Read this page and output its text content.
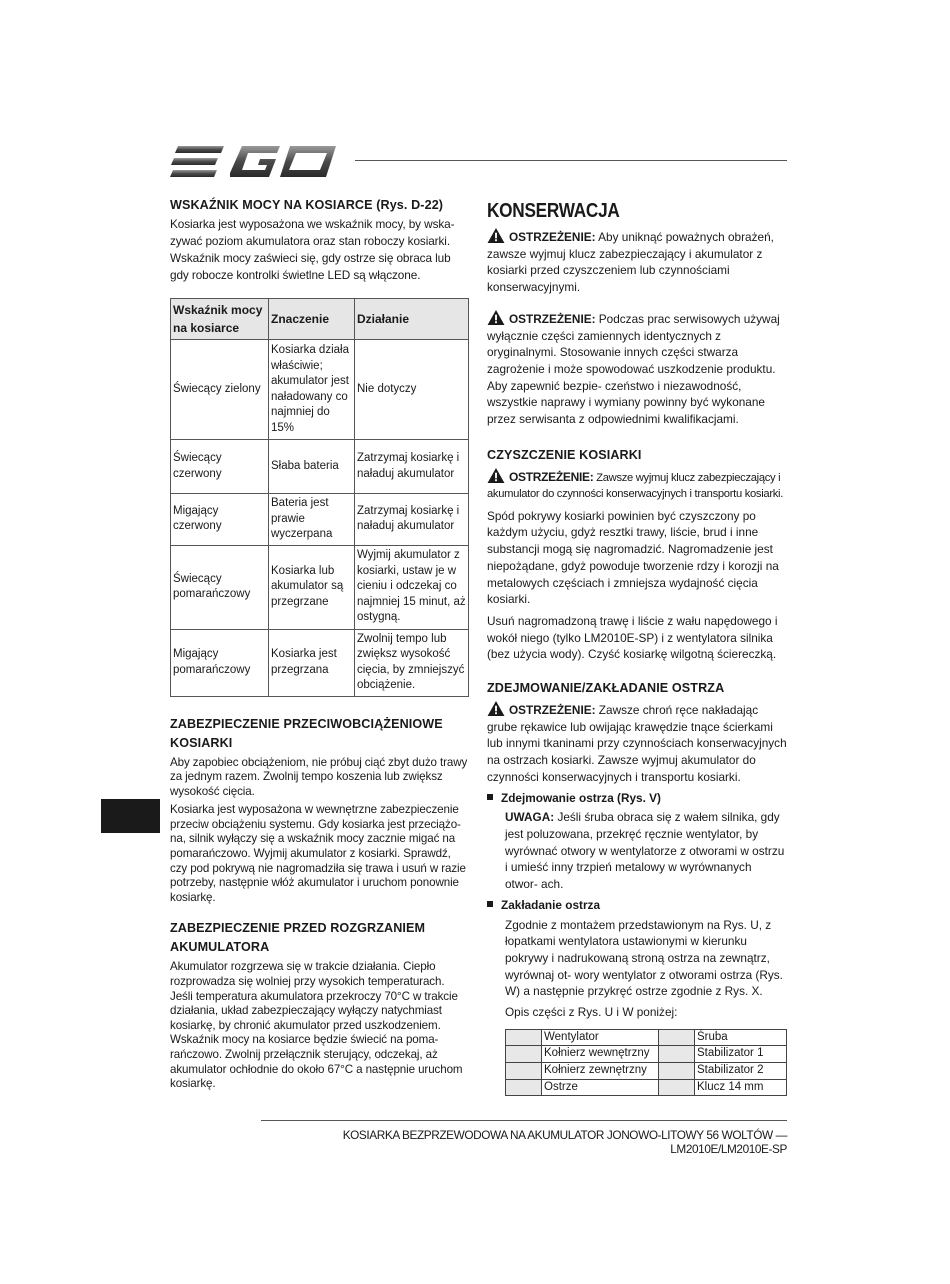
WSKAŹNIK MOCY NA KOSIARCE (Rys. D-22)

Kosiarka jest wyposażona we wskaźnik mocy, by wska- zywać poziom akumulatora oraz stan roboczy kosiarki. Wskaźnik mocy zaświeci się, gdy ostrze się obraca lub gdy robocze kontrolki świetlne LED są włączone.

Wskaźnik mocy na kosiarce	Znaczenie	Działanie
Świecący zielony	Kosiarka działa właściwie; akumulator jest naładowany co najmniej do 15%	Nie dotyczy
Świecący czerwony	Słaba bateria	Zatrzymaj kosiarkę i naładuj akumulator
Migający czerwony	Bateria jest prawie wyczerpana	Zatrzymaj kosiarkę i naładuj akumulator
Świecący pomarańczowy	Kosiarka lub akumulator są przegrzane	Wyjmij akumulator z kosiarki, ustaw je w cieniu i odczekaj co najmniej 15 minut, aż ostygną.
Migający pomarańczowy	Kosiarka jest przegrzana	Zwolnij tempo lub zwiększ wysokość cięcia, by zmniejszyć obciążenie.

ZABEZPIECZENIE PRZECIWOBCIĄŻENIOWE KOSIARKI

Aby zapobiec obciążeniom, nie próbuj ciąć zbyt dużo trawy za jednym razem. Zwolnij tempo koszenia lub zwiększ wysokość cięcia.

Kosiarka jest wyposażona w wewnętrzne zabezpieczenie przeciw obciążeniu systemu. Gdy kosiarka jest przeciążo- na, silnik wyłączy się a wskaźnik mocy zacznie migać na pomarańczowo. Wyjmij akumulator z kosiarki. Sprawdź, czy pod pokrywą nie nagromadziła się trawa i usuń w razie potrzeby, następnie włóż akumulator i uruchom ponownie kosiarkę.

ZABEZPIECZENIE PRZED ROZGRZANIEM AKUMULATORA

Akumulator rozgrzewa się w trakcie działania. Ciepło rozprowadza się wolniej przy wysokich temperaturach. Jeśli temperatura akumulatora przekroczy 70°C w trakcie działania, układ zabezpieczający wyłączy natychmiast kosiarkę, by chronić akumulator przed uszkodzeniem. Wskaźnik mocy na kosiarce będzie świecić na poma- rańczowo. Zwolnij przełącznik sterujący, odczekaj, aż akumulator ochłodnie do około 67°C a następnie uruchom kosiarkę.

KONSERWACJA

OSTRZEŻENIE: Aby uniknąć poważnych obrażeń, zawsze wyjmuj klucz zabezpieczający i akumulator z kosiarki przed czyszczeniem lub czynnościami konserwacyjnymi.

OSTRZEŻENIE: Podczas prac serwisowych używaj wyłącznie części zamiennych identycznych z oryginalnymi. Stosowanie innych części stwarza zagrożenie i może spowodować uszkodzenie produktu. Aby zapewnić bezpie- czeństwo i niezawodność, wszystkie naprawy i wymiany powinny być wykonane przez serwisanta z odpowiednimi kwalifikacjami.

CZYSZCZENIE KOSIARKI

OSTRZEŻENIE: Zawsze wyjmuj klucz zabezpieczający i akumulator do czynności konserwacyjnych i transportu kosiarki.

Spód pokrywy kosiarki powinien być czyszczony po każdym użyciu, gdyż resztki trawy, liście, brud i inne substancji mogą się nagromadzić. Nagromadzenie jest niepożądane, gdyż powoduje tworzenie rdzy i korozji na metalowych częściach i zmniejsza wydajność cięcia kosiarki.

Usuń nagromadzoną trawę i liście z wału napędowego i wokół niego (tylko LM2010E-SP) i z wentylatora silnika (bez użycia wody). Czyść kosiarkę wilgotną ściereczką.

ZDEJMOWANIE/ZAKŁADANIE OSTRZA

OSTRZEŻENIE: Zawsze chroń ręce nakładając grube rękawice lub owijając krawędzie tnące ścierkami lub innymi tkaninami przy czynnościach konserwacyjnych na ostrzach kosiarki. Zawsze wyjmuj akumulator do czynności konserwacyjnych i transportu kosiarki.

Zdejmowanie ostrza (Rys. V)

UWAGA: Jeśli śruba obraca się z wałem silnika, gdy jest poluzowana, przekręć ręcznie wentylator, by wyrównać otwory w wentylatorze z otworami w ostrzu i umieść inny trzpień metalowy w wyrównanych otwor- ach.

Zakładanie ostrza

Zgodnie z montażem przedstawionym na Rys. U, z łopatkami wentylatora ustawionymi w kierunku pokrywy i nadrukowaną stroną ostrza na zewnątrz, wyrównaj ot- wory wentylator z otworami ostrza (Rys. W) a następnie przykręć ostrze zgodnie z Rys. X.

Opis części z Rys. U i W poniżej:

	Wentylator		Śruba
	Kołnierz wewnętrzny		Stabilizator 1
	Kołnierz zewnętrzny		Stabilizator 2
	Ostrze		Klucz 14 mm
KOSIARKA BEZPRZEWODOWA NA AKUMULATOR JONOWO-LITOWY 56 WOLTÓW — LM2010E/LM2010E-SP
